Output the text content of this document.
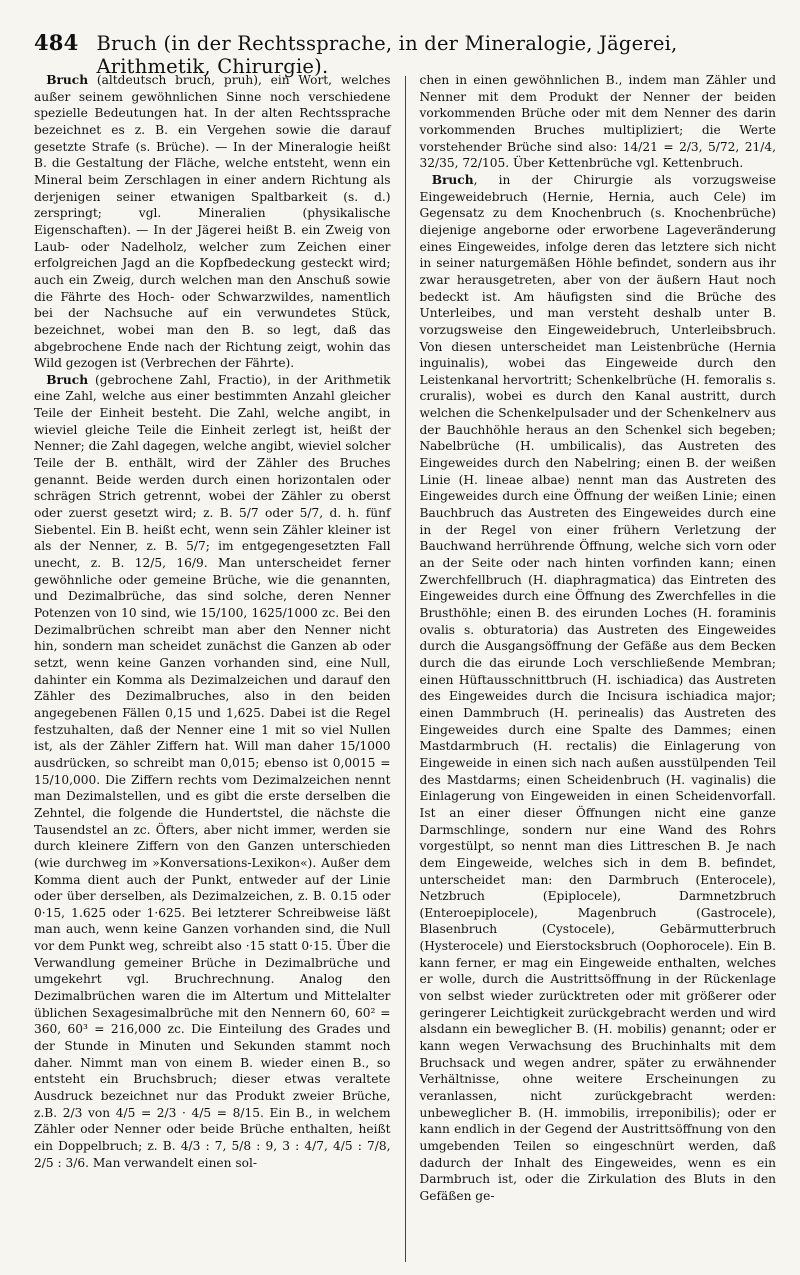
484 Bruch (in der Rechtssprache, in der Mineralogie, Jägerei, Arithmetik, Chirurgie).

Bruch (altdeutsch bruch, pruh), ein Wort, welches außer seinem gewöhnlichen Sinne noch verschiedene spezielle Bedeutungen hat. In der alten Rechtssprache bezeichnet es z. B. ein Vergehen sowie die darauf gesetzte Strafe (s. Brüche). — In der Mineralogie heißt B. die Gestaltung der Fläche, welche entsteht, wenn ein Mineral beim Zerschlagen in einer andern Richtung als derjenigen seiner etwanigen Spaltbarkeit (s. d.) zerspringt; vgl. Mineralien (physikalische Eigenschaften). — In der Jägerei heißt B. ein Zweig von Laub- oder Nadelholz, welcher zum Zeichen einer erfolgreichen Jagd an die Kopfbedeckung gesteckt wird; auch ein Zweig, durch welchen man den Anschuß sowie die Fährte des Hoch- oder Schwarzwildes, namentlich bei der Nachsuche auf ein verwundetes Stück, bezeichnet, wobei man den B. so legt, daß das abgebrochene Ende nach der Richtung zeigt, wohin das Wild gezogen ist (Verbrechen der Fährte).

Bruch (gebrochene Zahl, Fractio), in der Arithmetik eine Zahl, welche aus einer bestimmten Anzahl gleicher Teile der Einheit besteht. Die Zahl, welche angibt, in wieviel gleiche Teile die Einheit zerlegt ist, heißt der Nenner; die Zahl dagegen, welche angibt, wieviel solcher Teile der B. enthält, wird der Zähler des Bruches genannt. Beide werden durch einen horizontalen oder schrägen Strich getrennt, wobei der Zähler zu oberst oder zuerst gesetzt wird; z. B. 5/7 oder 5/7, d. h. fünf Siebentel. Ein B. heißt echt, wenn sein Zähler kleiner ist als der Nenner, z. B. 5/7; im entgegengesetzten Fall unecht, z. B. 12/5, 16/9. Man unterscheidet ferner gewöhnliche oder gemeine Brüche, wie die genannten, und Dezimalbrüche, das sind solche, deren Nenner Potenzen von 10 sind, wie 15/100, 1625/1000 zc. Bei den Dezimalbrüchen schreibt man aber den Nenner nicht hin, sondern man scheidet zunächst die Ganzen ab oder setzt, wenn keine Ganzen vorhanden sind, eine Null, dahinter ein Komma als Dezimalzeichen und darauf den Zähler des Dezimalbruches, also in den beiden angegebenen Fällen 0,15 und 1,625. Dabei ist die Regel festzuhalten, daß der Nenner eine 1 mit so viel Nullen ist, als der Zähler Ziffern hat. Will man daher 15/1000 ausdrücken, so schreibt man 0,015; ebenso ist 0,0015 = 15/10,000. Die Ziffern rechts vom Dezimalzeichen nennt man Dezimalstellen, und es gibt die erste derselben die Zehntel, die folgende die Hundertstel, die nächste die Tausendstel an zc. Öfters, aber nicht immer, werden sie durch kleinere Ziffern von den Ganzen unterschieden (wie durchweg im »Konversations-Lexikon«). Außer dem Komma dient auch der Punkt, entweder auf der Linie oder über derselben, als Dezimalzeichen, z. B. 0.15 oder 0·15, 1.625 oder 1·625. Bei letzterer Schreibweise läßt man auch, wenn keine Ganzen vorhanden sind, die Null vor dem Punkt weg, schreibt also ·15 statt 0·15. Über die Verwandlung gemeiner Brüche in Dezimalbrüche und umgekehrt vgl. Bruchrechnung. Analog den Dezimalbrüchen waren die im Altertum und Mittelalter üblichen Sexagesimalbrüche mit den Nennern 60, 60² = 360, 60³ = 216,000 zc. Die Einteilung des Grades und der Stunde in Minuten und Sekunden stammt noch daher. Nimmt man von einem B. wieder einen B., so entsteht ein Bruchsbruch; dieser etwas veraltete Ausdruck bezeichnet nur das Produkt zweier Brüche, z.B. 2/3 von 4/5 = 2/3 · 4/5 = 8/15. Ein B., in welchem Zähler oder Nenner oder beide Brüche enthalten, heißt ein Doppelbruch; z. B. 4/3 : 7, 5/8 : 9, 3 : 4/7, 4/5 : 7/8, 2/5 : 3/6. Man verwandelt einen sol-

chen in einen gewöhnlichen B., indem man Zähler und Nenner mit dem Produkt der Nenner der beiden vorkommenden Brüche oder mit dem Nenner des darin vorkommenden Bruches multipliziert; die Werte vorstehender Brüche sind also: 14/21 = 2/3, 5/72, 21/4, 32/35, 72/105. Über Kettenbrüche vgl. Kettenbruch.

Bruch, in der Chirurgie als vorzugsweise Eingeweidebruch (Hernie, Hernia, auch Cele) im Gegensatz zu dem Knochenbruch (s. Knochenbrüche) diejenige angeborne oder erworbene Lageveränderung eines Eingeweides, infolge deren das letztere sich nicht in seiner naturgemäßen Höhle befindet, sondern aus ihr zwar herausgetreten, aber von der äußern Haut noch bedeckt ist. Am häufigsten sind die Brüche des Unterleibes, und man versteht deshalb unter B. vorzugsweise den Eingeweidebruch, Unterleibsbruch. Von diesen unterscheidet man Leistenbrüche (Hernia inguinalis), wobei das Eingeweide durch den Leistenkanal hervortritt; Schenkelbrüche (H. femoralis s. cruralis), wobei es durch den Kanal austritt, durch welchen die Schenkelpulsader und der Schenkelnerv aus der Bauchhöhle heraus an den Schenkel sich begeben; Nabelbrüche (H. umbilicalis), das Austreten des Eingeweides durch den Nabelring; einen B. der weißen Linie (H. lineae albae) nennt man das Austreten des Eingeweides durch eine Öffnung der weißen Linie; einen Bauchbruch das Austreten des Eingeweides durch eine in der Regel von einer frühern Verletzung der Bauchwand herrührende Öffnung, welche sich vorn oder an der Seite oder nach hinten vorfinden kann; einen Zwerchfellbruch (H. diaphragmatica) das Eintreten des Eingeweides durch eine Öffnung des Zwerchfelles in die Brusthöhle; einen B. des eirunden Loches (H. foraminis ovalis s. obturatoria) das Austreten des Eingeweides durch die Ausgangsöffnung der Gefäße aus dem Becken durch die das eirunde Loch verschließende Membran; einen Hüftausschnittbruch (H. ischiadica) das Austreten des Eingeweides durch die Incisura ischiadica major; einen Dammbruch (H. perinealis) das Austreten des Eingeweides durch eine Spalte des Dammes; einen Mastdarmbruch (H. rectalis) die Einlagerung von Eingeweide in einen sich nach außen ausstülpenden Teil des Mastdarms; einen Scheidenbruch (H. vaginalis) die Einlagerung von Eingeweiden in einen Scheidenvorfall. Ist an einer dieser Öffnungen nicht eine ganze Darmschlinge, sondern nur eine Wand des Rohrs vorgestülpt, so nennt man dies Littreschen B. Je nach dem Eingeweide, welches sich in dem B. befindet, unterscheidet man: den Darmbruch (Enterocele), Netzbruch (Epiplocele), Darmnetzbruch (Enteroepiplocele), Magenbruch (Gastrocele), Blasenbruch (Cystocele), Gebärmutterbruch (Hysterocele) und Eierstocksbruch (Oophorocele). Ein B. kann ferner, er mag ein Eingeweide enthalten, welches er wolle, durch die Austrittsöffnung in der Rückenlage von selbst wieder zurücktreten oder mit größerer oder geringerer Leichtigkeit zurückgebracht werden und wird alsdann ein beweglicher B. (H. mobilis) genannt; oder er kann wegen Verwachsung des Bruchinhalts mit dem Bruchsack und wegen andrer, später zu erwähnender Verhältnisse, ohne weitere Erscheinungen zu veranlassen, nicht zurückgebracht werden: unbeweglicher B. (H. immobilis, irreponibilis); oder er kann endlich in der Gegend der Austrittsöffnung von den umgebenden Teilen so eingeschnürt werden, daß dadurch der Inhalt des Eingeweides, wenn es ein Darmbruch ist, oder die Zirkulation des Bluts in den Gefäßen ge-
